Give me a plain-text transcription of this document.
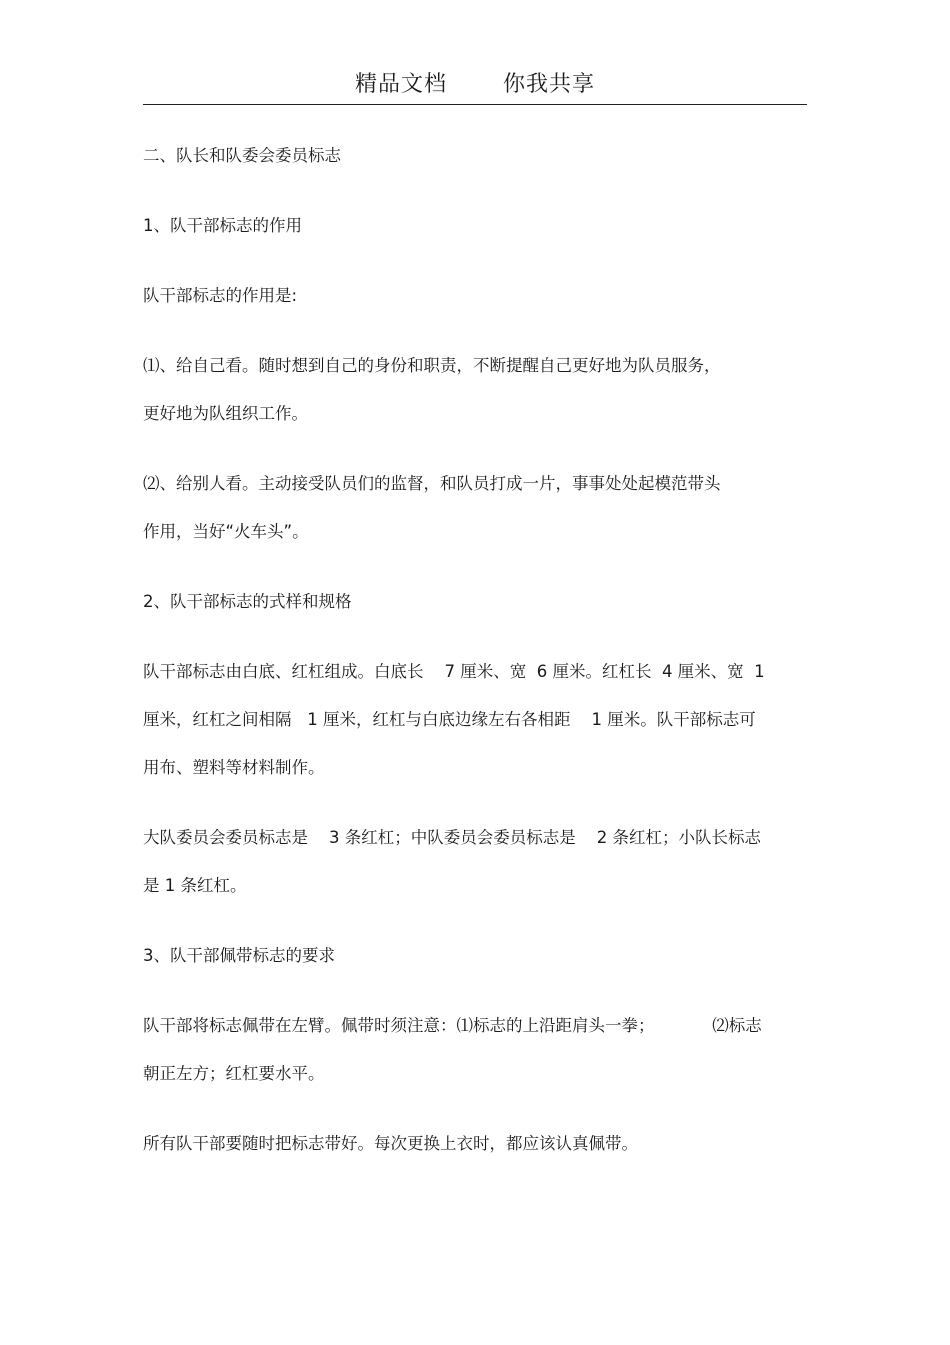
精品文档	你我共享

二、队长和队委会委员标志

1、队干部标志的作用

队干部标志的作用是:

⑴、给自己看。随时想到自己的身份和职责，不断提醒自己更好地为队员服务，

更好地为队组织工作。

⑵、给别人看。主动接受队员们的监督，和队员打成一片，事事处处起模范带头

作用，当好“火车头”。

2、队干部标志的式样和规格

队干部标志由白底、红杠组成。白底长    7 厘米、宽  6 厘米。红杠长  4 厘米、宽  1

厘米，红杠之间相隔   1 厘米，红杠与白底边缘左右各相距    1 厘米。队干部标志可

用布、塑料等材料制作。

大队委员会委员标志是    3 条红杠；中队委员会委员标志是    2 条红杠；小队长标志

是 1 条红杠。

3、队干部佩带标志的要求

队干部将标志佩带在左臂。佩带时须注意：⑴标志的上沿距肩头一拳；           ⑵标志

朝正左方；红杠要水平。

所有队干部要随时把标志带好。每次更换上衣时，都应该认真佩带。
